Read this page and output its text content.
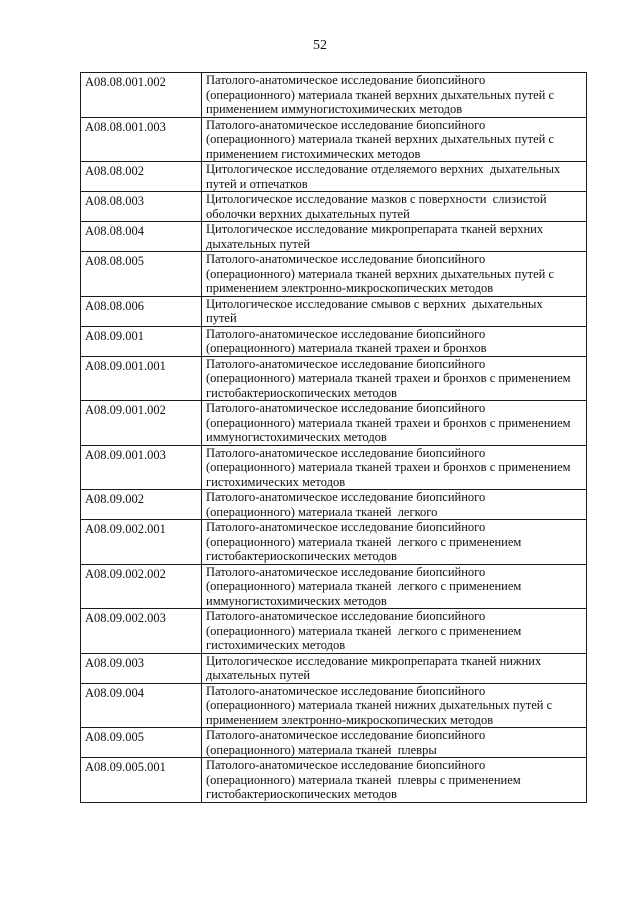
52
A08.08.001.002	Патолого-анатомическое исследование биопсийного
(операционного) материала тканей верхних дыхательных путей с
применением иммуногистохимических методов

A08.08.001.003	Патолого-анатомическое исследование биопсийного
(операционного) материала тканей верхних дыхательных путей с
применением гистохимических методов

A08.08.002	Цитологическое исследование отделяемого верхних  дыхательных
путей и отпечатков

A08.08.003	Цитологическое исследование мазков с поверхности  слизистой
оболочки верхних дыхательных путей

A08.08.004	Цитологическое исследование микропрепарата тканей верхних
дыхательных путей

A08.08.005	Патолого-анатомическое исследование биопсийного
(операционного) материала тканей верхних дыхательных путей с
применением электронно-микроскопических методов

A08.08.006	Цитологическое исследование смывов с верхних  дыхательных
путей

A08.09.001	Патолого-анатомическое исследование биопсийного
(операционного) материала тканей трахеи и бронхов

A08.09.001.001	Патолого-анатомическое исследование биопсийного
(операционного) материала тканей трахеи и бронхов с применением
гистобактериоскопических методов

A08.09.001.002	Патолого-анатомическое исследование биопсийного
(операционного) материала тканей трахеи и бронхов с применением
иммуногистохимических методов

A08.09.001.003	Патолого-анатомическое исследование биопсийного
(операционного) материала тканей трахеи и бронхов с применением
гистохимических методов

A08.09.002	Патолого-анатомическое исследование биопсийного
(операционного) материала тканей  легкого

A08.09.002.001	Патолого-анатомическое исследование биопсийного
(операционного) материала тканей  легкого с применением
гистобактериоскопических методов

A08.09.002.002	Патолого-анатомическое исследование биопсийного
(операционного) материала тканей  легкого с применением
иммуногистохимических методов

A08.09.002.003	Патолого-анатомическое исследование биопсийного
(операционного) материала тканей  легкого с применением
гистохимических методов

A08.09.003	Цитологическое исследование микропрепарата тканей нижних
дыхательных путей

A08.09.004	Патолого-анатомическое исследование биопсийного
(операционного) материала тканей нижних дыхательных путей с
применением электронно-микроскопических методов

A08.09.005	Патолого-анатомическое исследование биопсийного
(операционного) материала тканей  плевры

A08.09.005.001	Патолого-анатомическое исследование биопсийного
(операционного) материала тканей  плевры с применением
гистобактериоскопических методов
